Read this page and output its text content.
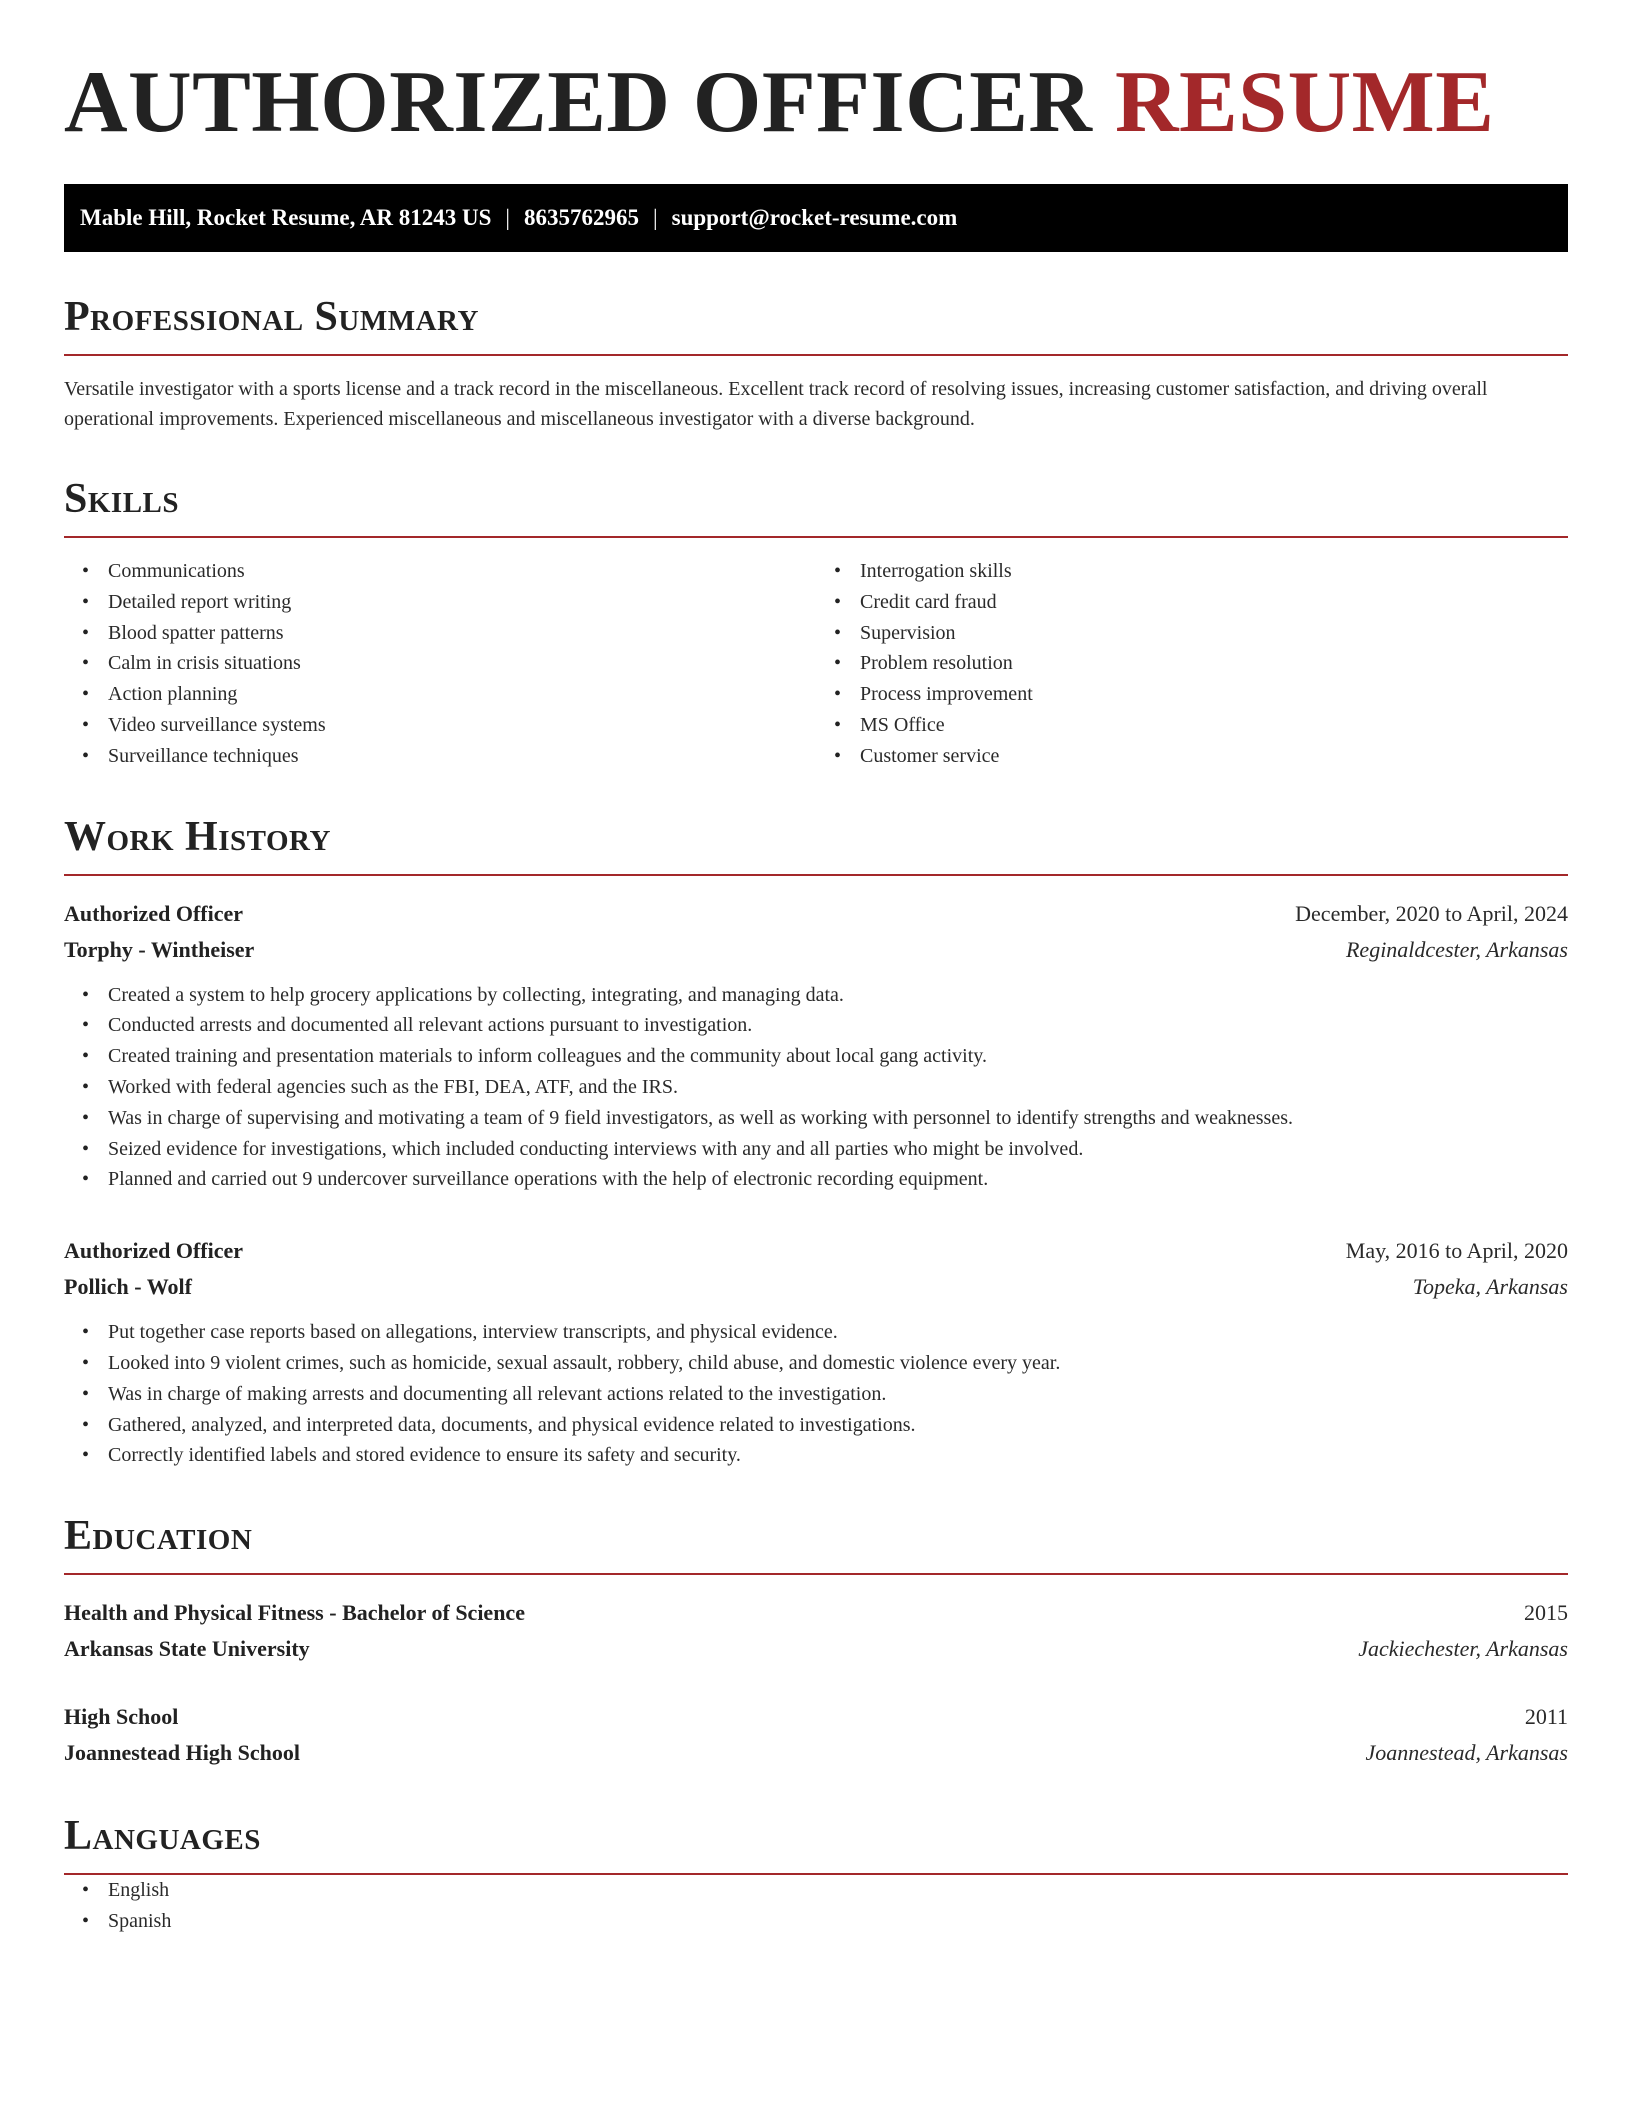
AUTHORIZED OFFICER RESUME
Mable Hill, Rocket Resume, AR 81243 US | 8635762965 | support@rocket-resume.com
Professional Summary

Versatile investigator with a sports license and a track record in the miscellaneous. Excellent track record of resolving issues, increasing customer satisfaction, and driving overall operational improvements. Experienced miscellaneous and miscellaneous investigator with a diverse background.

Skills
• Communications
• Detailed report writing
• Blood spatter patterns
• Calm in crisis situations
• Action planning
• Video surveillance systems
• Surveillance techniques
• Interrogation skills
• Credit card fraud
• Supervision
• Problem resolution
• Process improvement
• MS Office
• Customer service
Work History
Authorized Officer	December, 2020 to April, 2024
Torphy - Wintheiser	Reginaldcester, Arkansas
• Created a system to help grocery applications by collecting, integrating, and managing data.
• Conducted arrests and documented all relevant actions pursuant to investigation.
• Created training and presentation materials to inform colleagues and the community about local gang activity.
• Worked with federal agencies such as the FBI, DEA, ATF, and the IRS.
• Was in charge of supervising and motivating a team of 9 field investigators, as well as working with personnel to identify strengths and weaknesses.
• Seized evidence for investigations, which included conducting interviews with any and all parties who might be involved.
• Planned and carried out 9 undercover surveillance operations with the help of electronic recording equipment.
Authorized Officer	May, 2016 to April, 2020
Pollich - Wolf	Topeka, Arkansas
• Put together case reports based on allegations, interview transcripts, and physical evidence.
• Looked into 9 violent crimes, such as homicide, sexual assault, robbery, child abuse, and domestic violence every year.
• Was in charge of making arrests and documenting all relevant actions related to the investigation.
• Gathered, analyzed, and interpreted data, documents, and physical evidence related to investigations.
• Correctly identified labels and stored evidence to ensure its safety and security.
Education
Health and Physical Fitness - Bachelor of Science	2015
Arkansas State University	Jackiechester, Arkansas
High School	2011
Joannestead High School	Joannestead, Arkansas
Languages
• English
• Spanish
